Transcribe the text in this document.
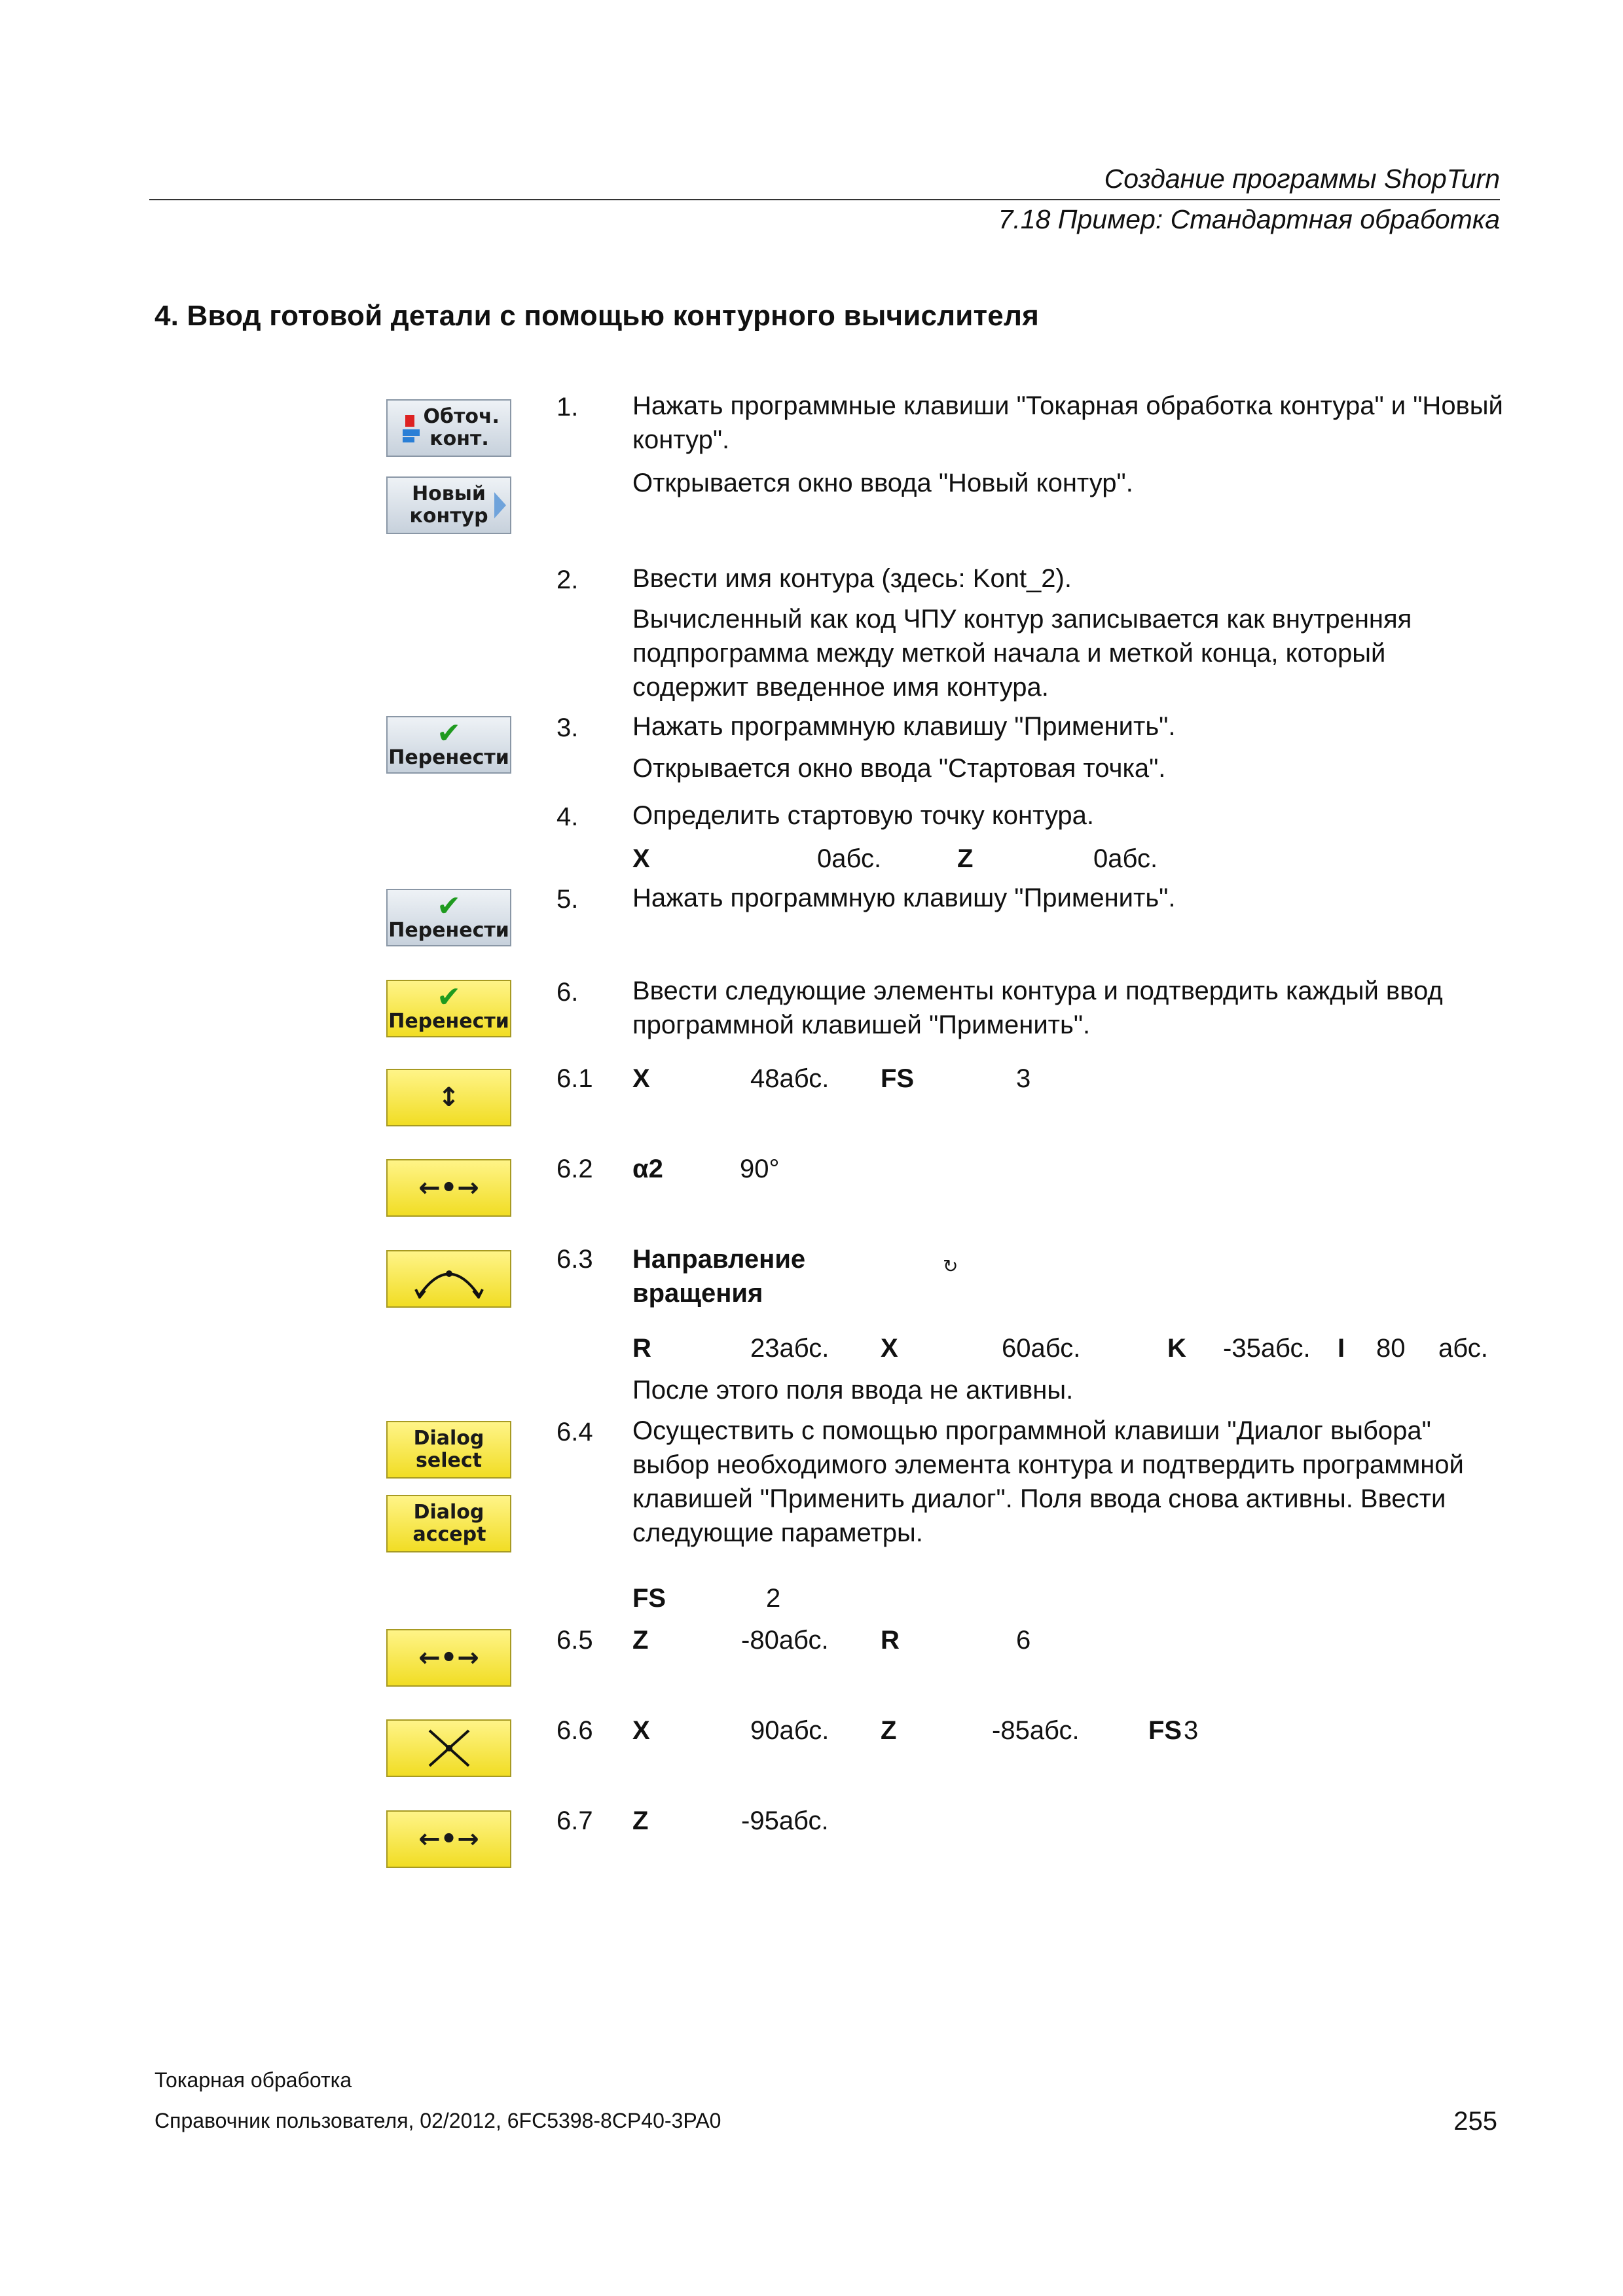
Создание программы ShopTurn
7.18 Пример: Стандартная обработка
4. Ввод готовой детали с помощью контурного вычислителя
Обточ. конт.
Новый контур
✔
Перенести
✔
Перенести
✔
Перенести
↕
←•→
Dialog select
Dialog accept
←•→
←•→
1. Нажать программные клавиши "Токарная обработка контура" и "Новый контур".
Открывается окно ввода "Новый контур".
2. Ввести имя контура (здесь: Kont_2).
Вычисленный как код ЧПУ контур записывается как внутренняя подпрограмма между меткой начала и меткой конца, который содержит введенное имя контура.
3. Нажать программную клавишу "Применить".
Открывается окно ввода "Стартовая точка".
4. Определить стартовую точку контура.
X	0абс.	Z	0абс.
5. Нажать программную клавишу "Применить".
6. Ввести следующие элементы контура и подтвердить каждый ввод программной клавишей "Применить".
6.1 X	48абс. FS	3
6.2 α2	90°
6.3 Направление
вращения
↻
R	23абс. X	60абс.	K -35абс. I 80 абс.
После этого поля ввода не активны.
6.4 Осуществить с помощью программной клавиши "Диалог выбора" выбор необходимого элемента контура и подтвердить программной клавишей "Применить диалог". Поля ввода снова активны. Ввести следующие параметры.
FS	2
6.5 Z	-80абс. R	6
6.6 X	90абс. Z	-85абс.	FS 3
6.7 Z	-95абс.
Токарная обработка
Справочник пользователя, 02/2012, 6FC5398-8CP40-3PA0	255
